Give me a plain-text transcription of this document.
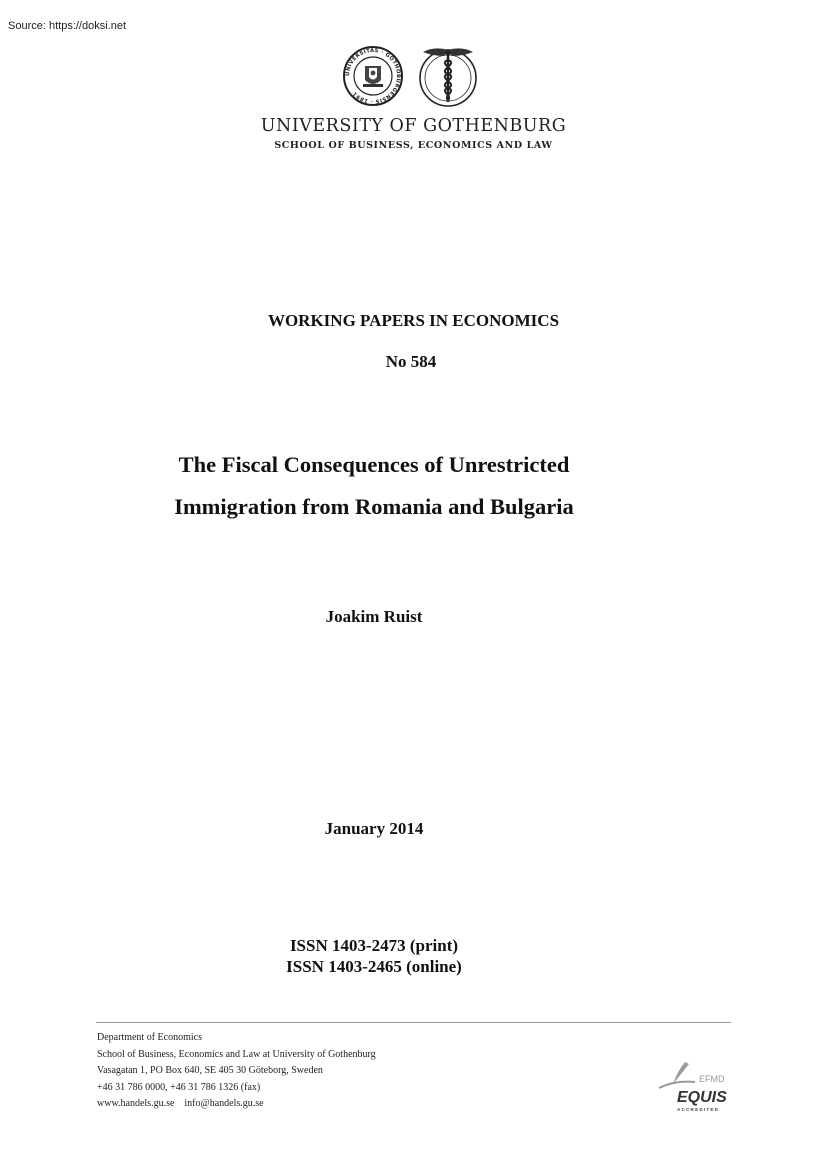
Source: https://doksi.net
UNIVERSITAS · GOTHOBURGENSIS · 1891
UNIVERSITY OF GOTHENBURG
SCHOOL OF BUSINESS, ECONOMICS AND LAW
WORKING PAPERS IN ECONOMICS
No 584
The Fiscal Consequences of Unrestricted
Immigration from Romania and Bulgaria
Joakim Ruist
January 2014
ISSN 1403-2473 (print)
ISSN 1403-2465 (online)
Department of Economics
School of Business, Economics and Law at University of Gothenburg
Vasagatan 1, PO Box 640, SE 405 30 Göteborg, Sweden
+46 31 786 0000, +46 31 786 1326 (fax)
www.handels.gu.se    info@handels.gu.se
EFMD
EQUIS
ACCREDITED
